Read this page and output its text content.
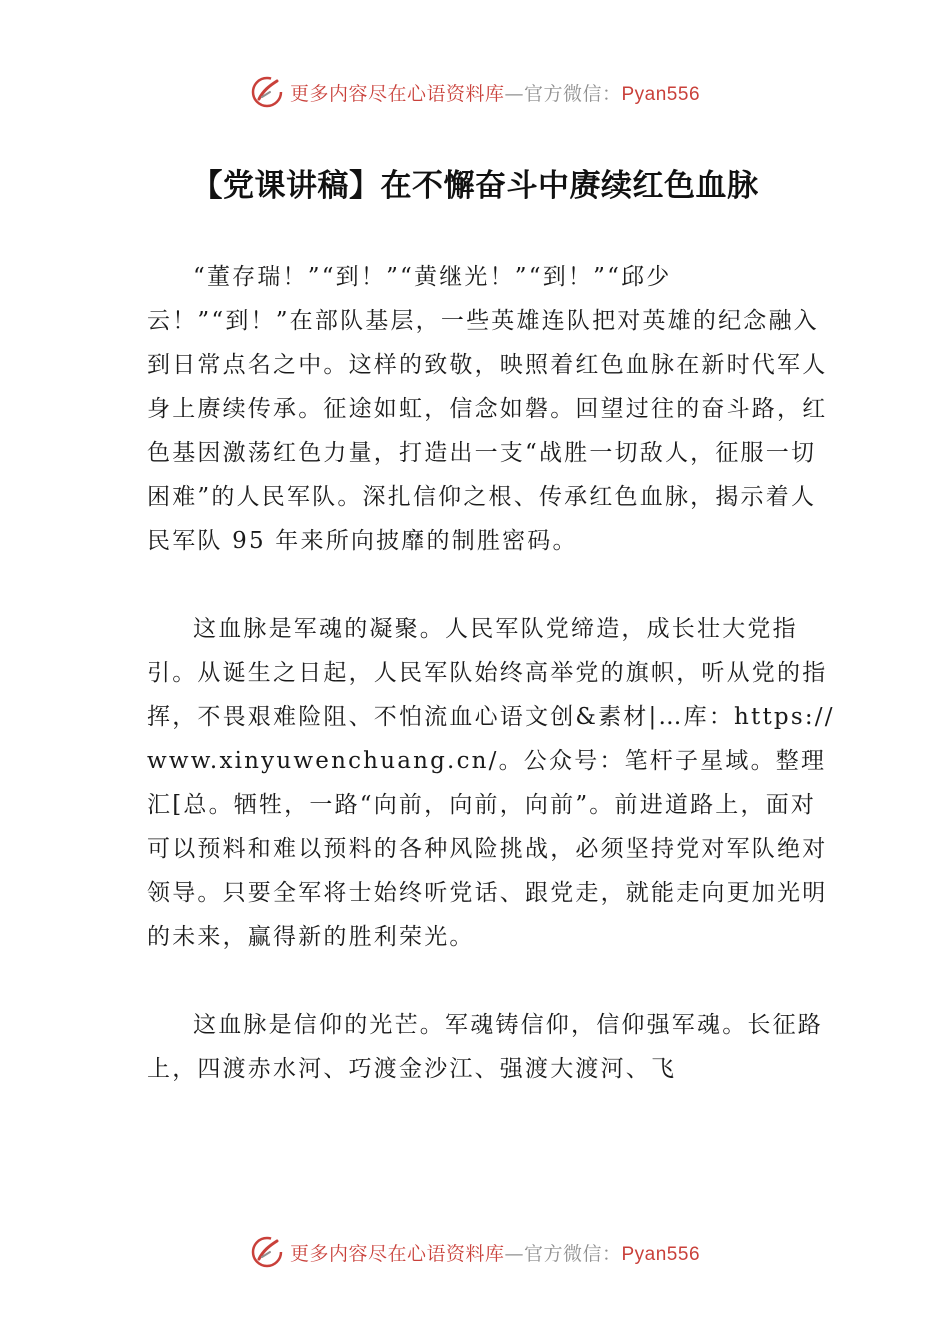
更多内容尽在心语资料库—官方微信：Pyan556
【党课讲稿】在不懈奋斗中赓续红色血脉

“董存瑞！”“到！”“黄继光！”“到！”“邱少云！”“到！”在部队基层，一些英雄连队把对英雄的纪念融入到日常点名之中。这样的致敬，映照着红色血脉在新时代军人身上赓续传承。征途如虹，信念如磐。回望过往的奋斗路，红色基因激荡红色力量，打造出一支“战胜一切敌人，征服一切困难”的人民军队。深扎信仰之根、传承红色血脉，揭示着人民军队 95 年来所向披靡的制胜密码。

这血脉是军魂的凝聚。人民军队党缔造，成长壮大党指引。从诞生之日起，人民军队始终高举党的旗帜，听从党的指挥，不畏艰难险阻、不怕流血心语文创&素材|…库：https://www.xinyuwenchuang.cn/。公众号：笔杆子星域。整理汇[总。牺牲，一路“向前，向前，向前”。前进道路上，面对可以预料和难以预料的各种风险挑战，必须坚持党对军队绝对领导。只要全军将士始终听党话、跟党走，就能走向更加光明的未来，赢得新的胜利荣光。

这血脉是信仰的光芒。军魂铸信仰，信仰强军魂。长征路上，四渡赤水河、巧渡金沙江、强渡大渡河、飞

更多内容尽在心语资料库—官方微信：Pyan556
